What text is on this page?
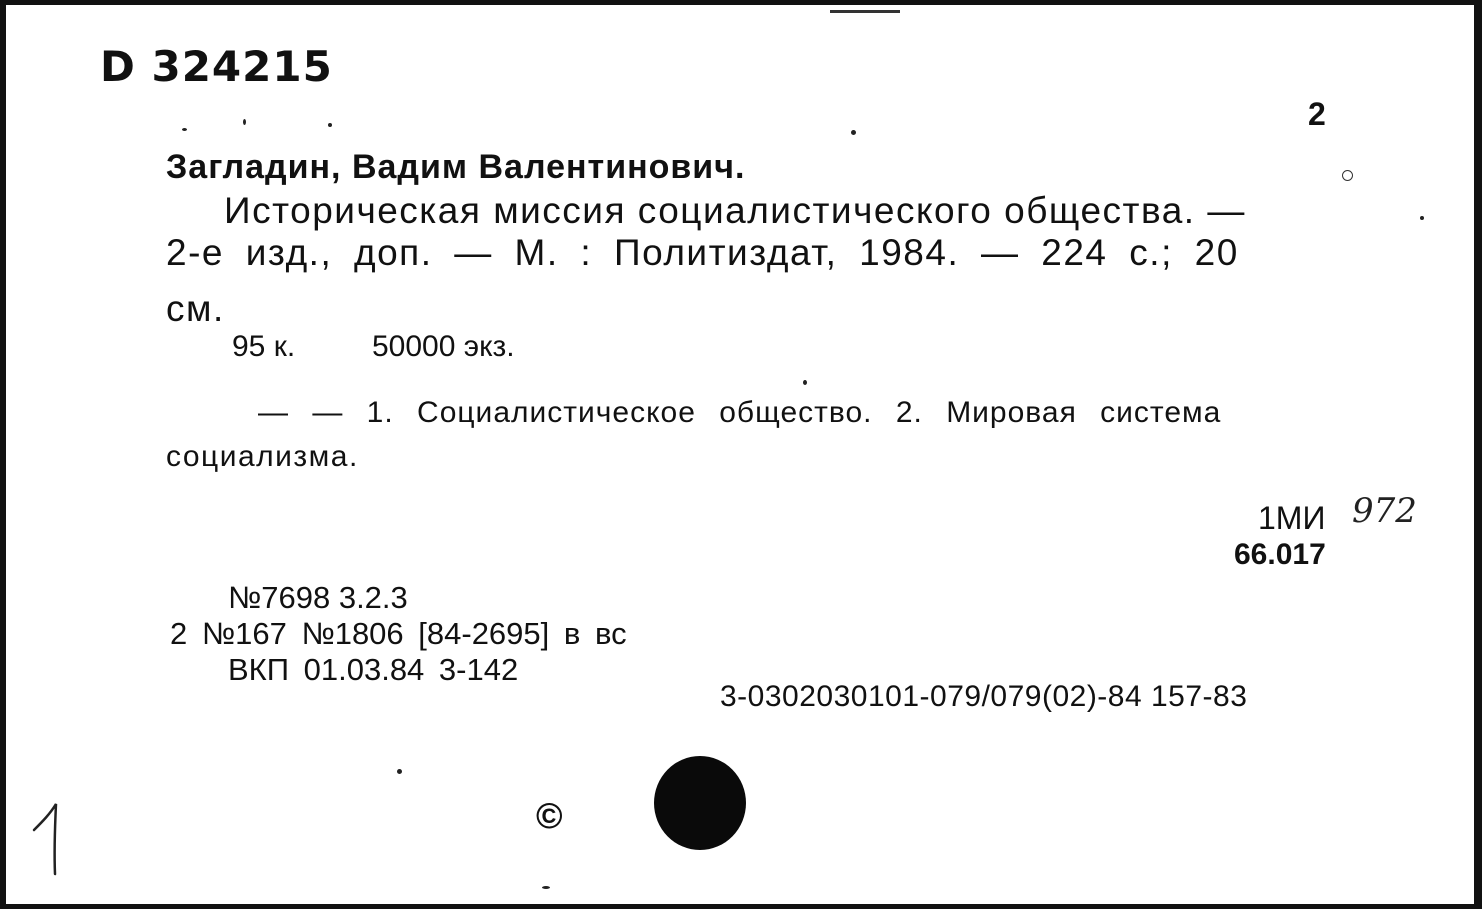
D 324215
2
Загладин, Вадим Валентинович.
Историческая миссия социалистического общества. —
2-е изд., доп. — М. : Политиздат, 1984. — 224 с.; 20
см.
95 к.	50000 экз.
— — 1. Социалистическое общество. 2. Мировая система
социализма.
1МИ 972
66.017
№7698 3.2.3
2 №167 №1806 [84-2695] в вс
ВКП 01.03.84 3-142
3-0302030101-079/079(02)-84 157-83
©
